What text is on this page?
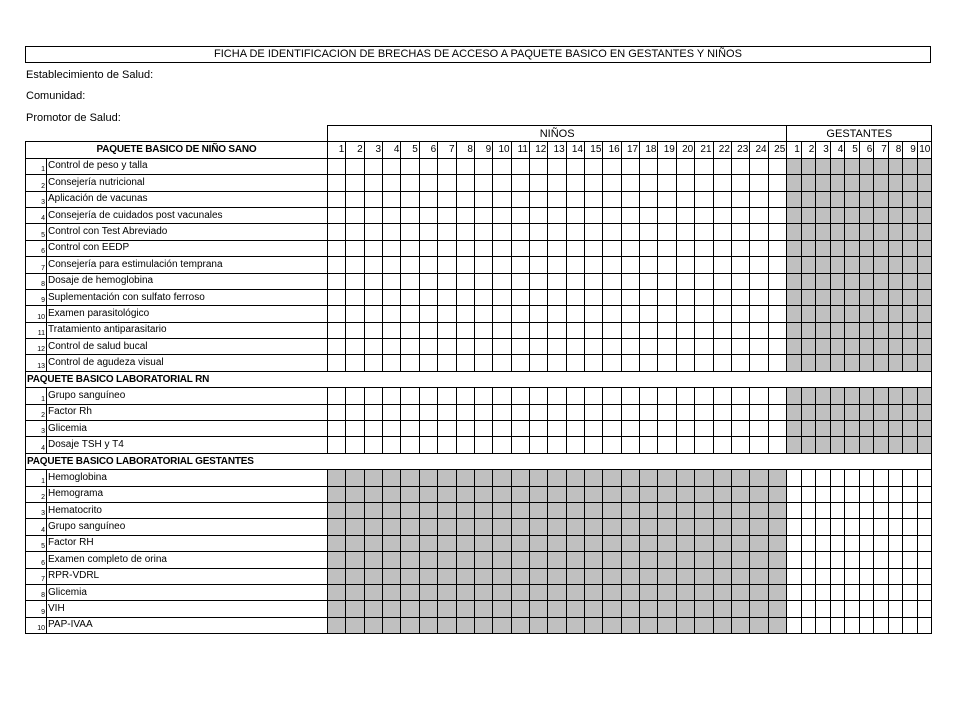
FICHA DE IDENTIFICACION DE BRECHAS DE ACCESO A PAQUETE BASICO EN GESTANTES Y NIÑOS
Establecimiento de Salud:
Comunidad:
Promotor de Salud:
		NIÑOS																									GESTANTES									
PAQUETE BASICO DE NIÑO SANO		1	2	3	4	5	6	7	8	9	10	11	12	13	14	15	16	17	18	19	20	21	22	23	24	25	1	2	3	4	5	6	7	8	9	10
1	Control de peso y talla																																			
2	Consejería nutricional																																			
3	Aplicación de vacunas																																			
4	Consejería de cuidados post vacunales																																			
5	Control con Test Abreviado																																			
6	Control con EEDP																																			
7	Consejería para estimulación temprana																																			
8	Dosaje de hemoglobina																																			
9	Suplementación con sulfato ferroso																																			
10	Examen parasitológico																																			
11	Tratamiento antiparasitario																																			
12	Control de salud bucal																																			
13	Control de agudeza visual																																			
PAQUETE BASICO LABORATORIAL RN																																				
1	Grupo sanguíneo																																			
2	Factor Rh																																			
3	Glicemia																																			
4	Dosaje TSH y T4																																			
PAQUETE BASICO LABORATORIAL GESTANTES																																				
1	Hemoglobina																																			
2	Hemograma																																			
3	Hematocrito																																			
4	Grupo sanguíneo																																			
5	Factor RH																																			
6	Examen completo de orina																																			
7	RPR-VDRL																																			
8	Glicemia																																			
9	VIH																																			
10	PAP-IVAA																																			
